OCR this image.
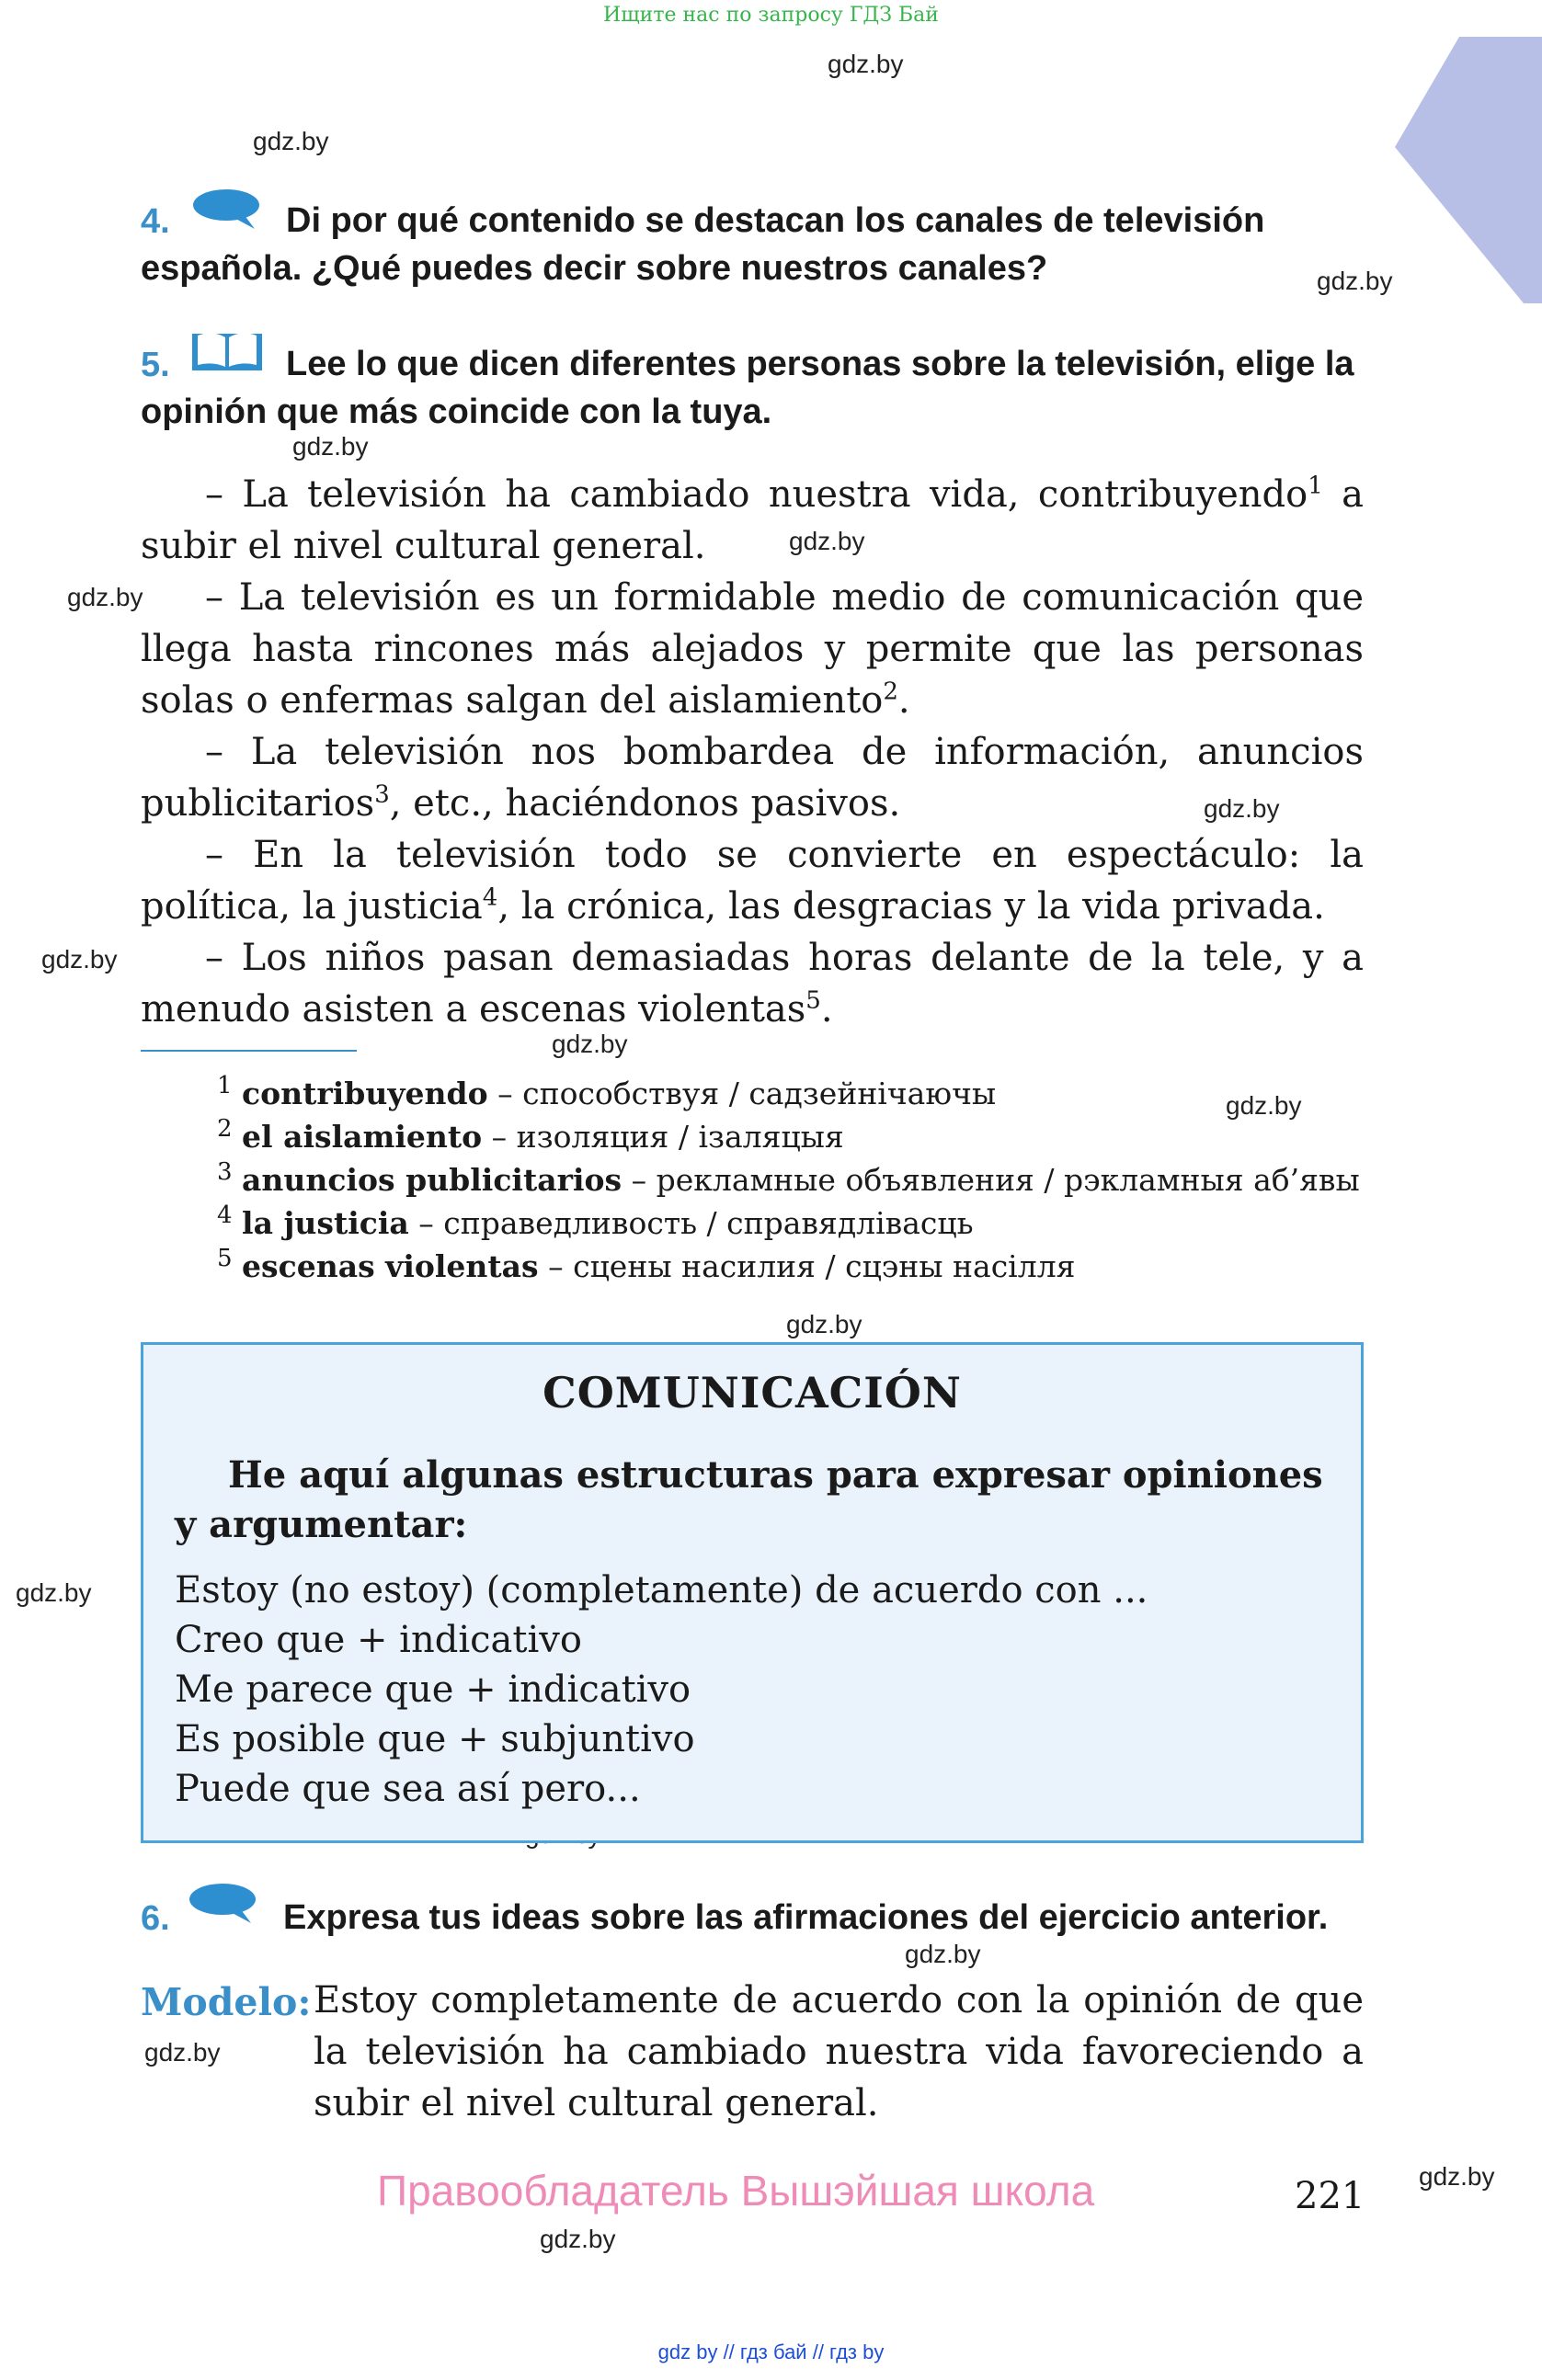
Ищите нас по запросу ГДЗ Бай
gdz.by
gdz.by
gdz.by
gdz.by
gdz.by
gdz.by
gdz.by
gdz.by
gdz.by
gdz.by
gdz.by
gdz.by
gdz.by
gdz.by
gdz.by
gdz.by
4.	Di por qué contenido se destacan los canales de televisión española. ¿Qué puedes decir sobre nuestros canales?
5.	Lee lo que dicen diferentes personas sobre la televisión, elige la opinión que más coincide con la tuya.
– La televisión ha cambiado nuestra vida, contribuyendo$^1$ a subir el nivel cultural general.
– La televisión es un formidable medio de comunicación que llega hasta rincones más alejados y permite que las personas solas o enfermas salgan del aislamiento$^2$.
– La televisión nos bombardea de información, anuncios publicitarios$^3$, etc., haciéndonos pasivos.
– En la televisión todo se convierte en espectáculo: la política, la justicia$^4$, la crónica, las desgracias y la vida privada.
– Los niños pasan demasiadas horas delante de la tele, y a menudo asisten a escenas violentas$^5$.
$^1$ contribuyendo – способствуя / садзейнічаючы
$^2$ el aislamiento – изоляция / ізаляцыя
$^3$ anuncios publicitarios – рекламные объявления / рэкламныя аб’явы
$^4$ la justicia – справедливость / справядлівасць
$^5$ escenas violentas – сцены насилия / сцэны насілля
COMUNICACIÓN
He aquí algunas estructuras para expresar opiniones y argumentar:
Estoy (no estoy) (completamente) de acuerdo con ...
Creo que + indicativo
Me parece que + indicativo
Es posible que + subjuntivo
Puede que sea así pero...
6.	Expresa tus ideas sobre las afirmaciones del ejercicio anterior.
Modelo: Estoy completamente de acuerdo con la opinión de que la televisión ha cambiado nuestra vida favoreciendo a subir el nivel cultural general.
Правообладатель Вышэйшая школа	221
gdz by // гдз бай // гдз by
